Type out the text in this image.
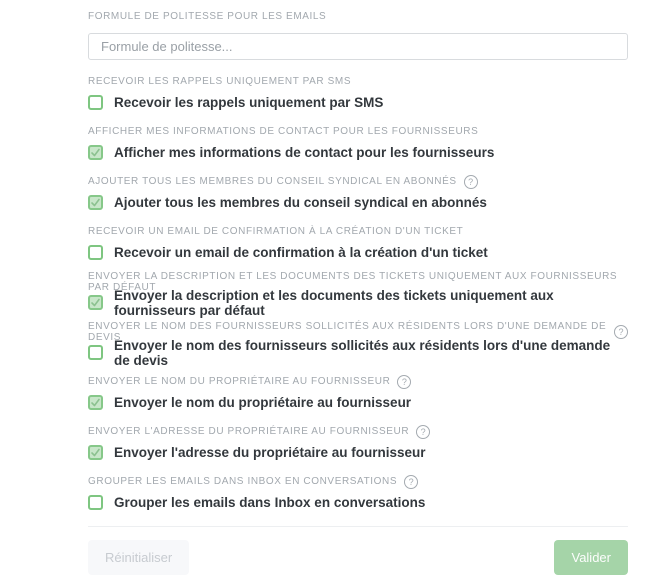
FORMULE DE POLITESSE POUR LES EMAILS
Formule de politesse...
RECEVOIR LES RAPPELS UNIQUEMENT PAR SMS
Recevoir les rappels uniquement par SMS
AFFICHER MES INFORMATIONS DE CONTACT POUR LES FOURNISSEURS
Afficher mes informations de contact pour les fournisseurs
AJOUTER TOUS LES MEMBRES DU CONSEIL SYNDICAL EN ABONNÉS	?
Ajouter tous les membres du conseil syndical en abonnés
RECEVOIR UN EMAIL DE CONFIRMATION À LA CRÉATION D'UN TICKET
Recevoir un email de confirmation à la création d'un ticket
ENVOYER LA DESCRIPTION ET LES DOCUMENTS DES TICKETS UNIQUEMENT AUX FOURNISSEURS PAR DÉFAUT
Envoyer la description et les documents des tickets uniquement aux fournisseurs par défaut
ENVOYER LE NOM DES FOURNISSEURS SOLLICITÉS AUX RÉSIDENTS LORS D'UNE DEMANDE DE DEVIS	?
Envoyer le nom des fournisseurs sollicités aux résidents lors d'une demande de devis
ENVOYER LE NOM DU PROPRIÉTAIRE AU FOURNISSEUR	?
Envoyer le nom du propriétaire au fournisseur
ENVOYER L'ADRESSE DU PROPRIÉTAIRE AU FOURNISSEUR	?
Envoyer l'adresse du propriétaire au fournisseur
GROUPER LES EMAILS DANS INBOX EN CONVERSATIONS	?
Grouper les emails dans Inbox en conversations
Réinitialiser	Valider
